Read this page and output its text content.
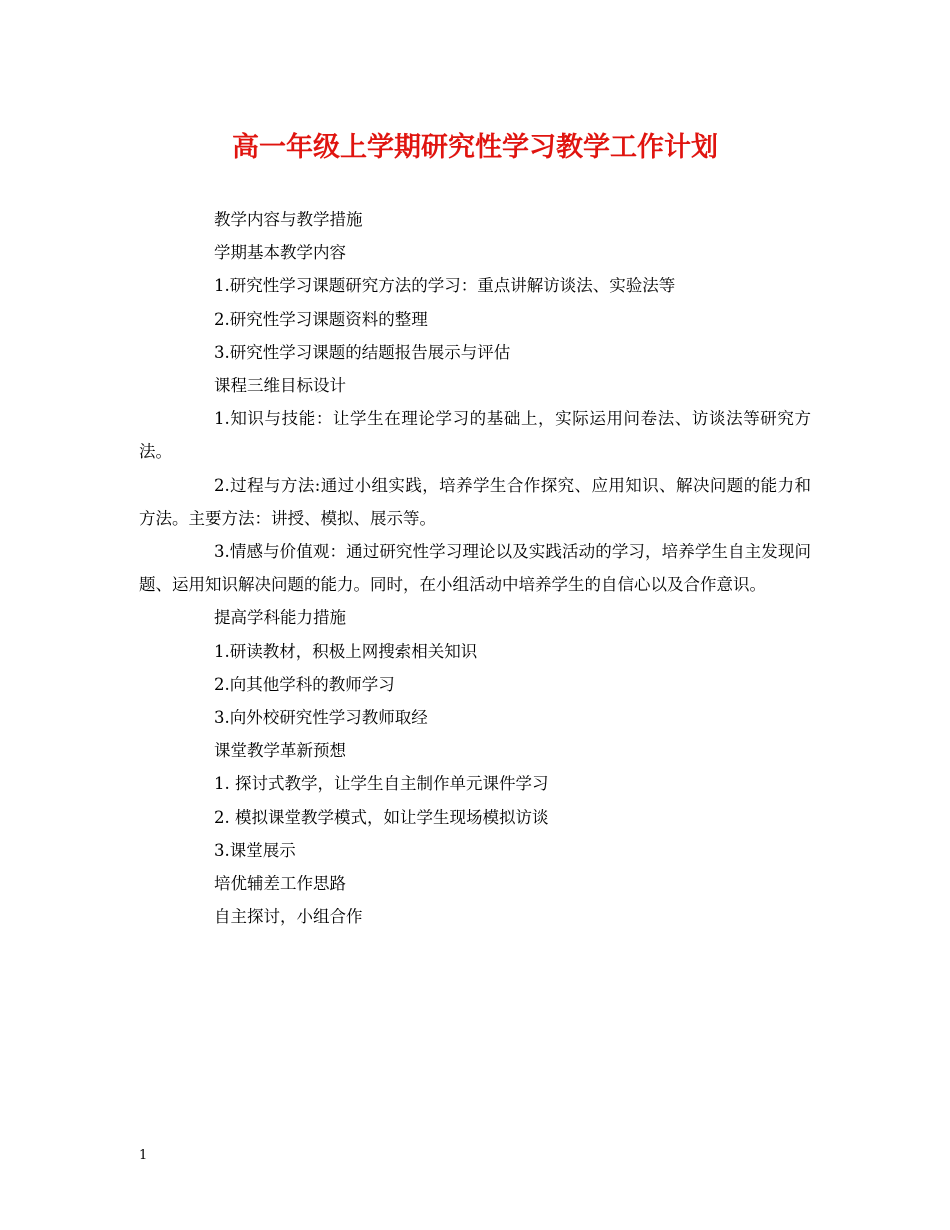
高一年级上学期研究性学习教学工作计划

教学内容与教学措施

学期基本教学内容

1.研究性学习课题研究方法的学习：重点讲解访谈法、实验法等

2.研究性学习课题资料的整理

3.研究性学习课题的结题报告展示与评估

课程三维目标设计

1.知识与技能：让学生在理论学习的基础上，实际运用问卷法、访谈法等研究方法。

2.过程与方法:通过小组实践，培养学生合作探究、应用知识、解决问题的能力和方法。主要方法：讲授、模拟、展示等。

3.情感与价值观：通过研究性学习理论以及实践活动的学习，培养学生自主发现问题、运用知识解决问题的能力。同时，在小组活动中培养学生的自信心以及合作意识。

提高学科能力措施

1.研读教材，积极上网搜索相关知识

2.向其他学科的教师学习

3.向外校研究性学习教师取经

课堂教学革新预想

1. 探讨式教学，让学生自主制作单元课件学习

2. 模拟课堂教学模式，如让学生现场模拟访谈

3.课堂展示

培优辅差工作思路

自主探讨，小组合作

1
